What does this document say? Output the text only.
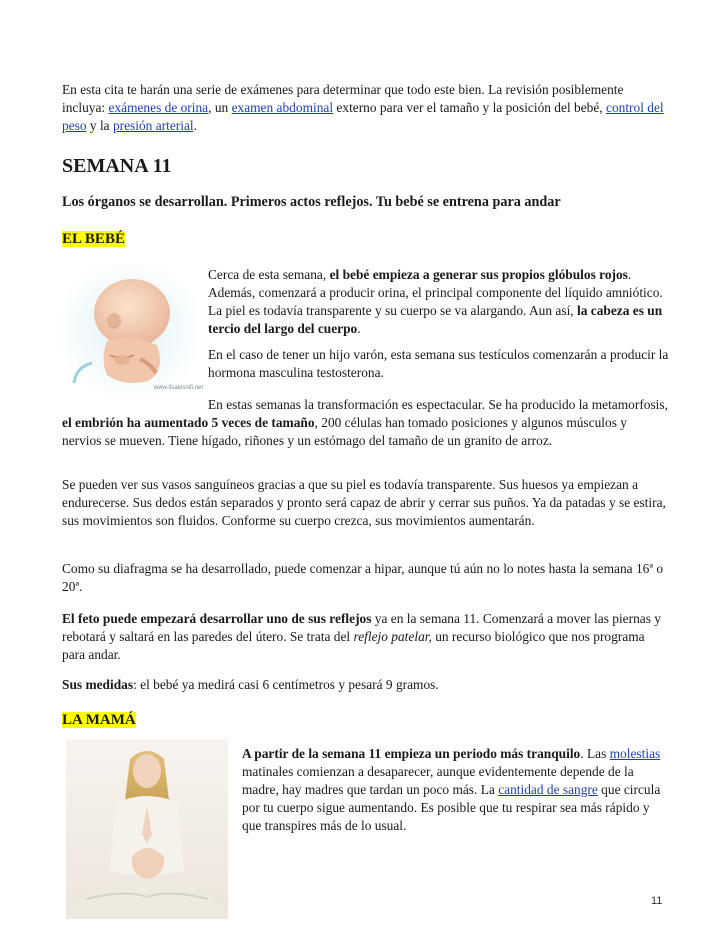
En esta cita te harán una serie de exámenes para determinar que todo este bien. La revisión posiblemente incluya: exámenes de orina, un examen abdominal externo para ver el tamaño y la posición del bebé, control del peso y la presión arterial.

SEMANA 11
Los órganos se desarrollan. Primeros actos reflejos. Tu bebé se entrena para andar
EL BEBÉ
www.itsalosnifi.net

Cerca de esta semana, el bebé empieza a generar sus propios glóbulos rojos. Además, comenzará a producir orina, el principal componente del líquido amniótico. La piel es todavía transparente y su cuerpo se va alargando. Aun así, la cabeza es un tercio del largo del cuerpo.

En el caso de tener un hijo varón, esta semana sus testículos comenzarán a producir la hormona masculina testosterona.

En estas semanas la transformación es espectacular. Se ha producido la metamorfosis, el embrión ha aumentado 5 veces de tamaño, 200 células han tomado posiciones y algunos músculos y nervios se mueven. Tiene hígado, riñones y un estómago del tamaño de un granito de arroz.

Se pueden ver sus vasos sanguíneos gracias a que su piel es todavía transparente. Sus huesos ya empiezan a endurecerse. Sus dedos están separados y pronto será capaz de abrir y cerrar sus puños. Ya da patadas y se estira, sus movimientos son fluidos. Conforme su cuerpo crezca, sus movimientos aumentarán.

Como su diafragma se ha desarrollado, puede comenzar a hipar, aunque tú aún no lo notes hasta la semana 16ª o 20ª.

El feto puede empezará desarrollar uno de sus reflejos ya en la semana 11. Comenzará a mover las piernas y rebotará y saltará en las paredes del útero. Se trata del reflejo patelar, un recurso biológico que nos programa para andar.

Sus medidas: el bebé ya medirá casi 6 centímetros y pesará 9 gramos.

LA MAMÁ

A partir de la semana 11 empieza un periodo más tranquilo. Las molestias matinales comienzan a desaparecer, aunque evidentemente depende de la madre, hay madres que tardan un poco más. La cantidad de sangre que circula por tu cuerpo sigue aumentando. Es posible que tu respirar sea más rápido y que transpires más de lo usual.

11
